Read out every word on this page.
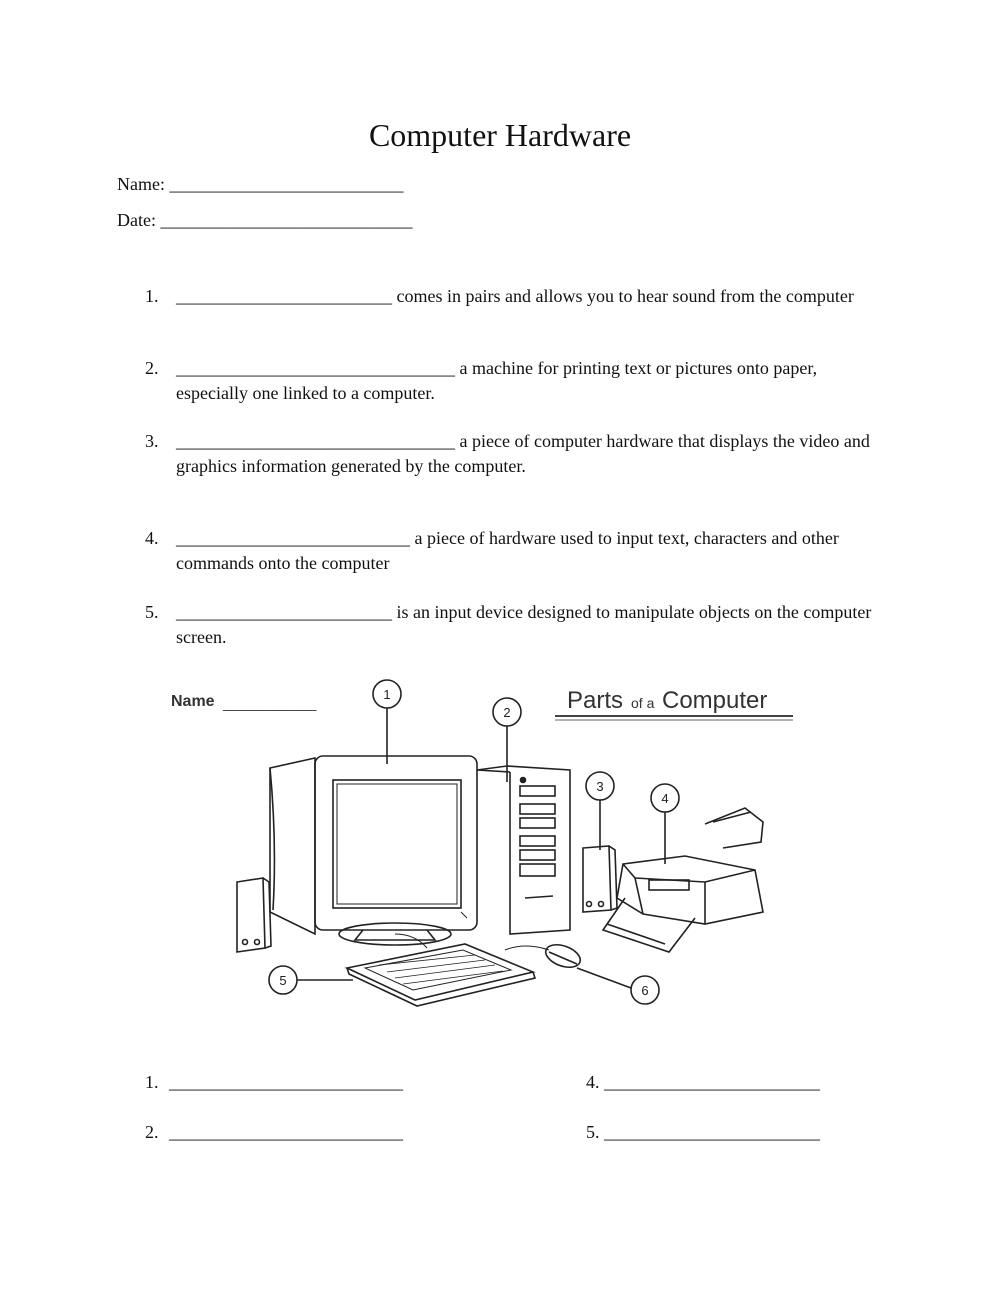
Computer Hardware
Name: __________________________
Date: ____________________________
1. ________________________ comes in pairs and allows you to hear sound from the computer
2. _______________________________ a machine for printing text or pictures onto paper, especially one linked to a computer.
3. _______________________________ a piece of computer hardware that displays the video and graphics information generated by the computer.
4. __________________________ a piece of hardware used to input text, characters and other commands onto the computer
5. ________________________ is an input device designed to manipulate objects on the computer screen.
Name ____________	Parts of a Computer
1
2
3
4
5
6
1. __________________________
2. __________________________
4. ________________________
5. ________________________
